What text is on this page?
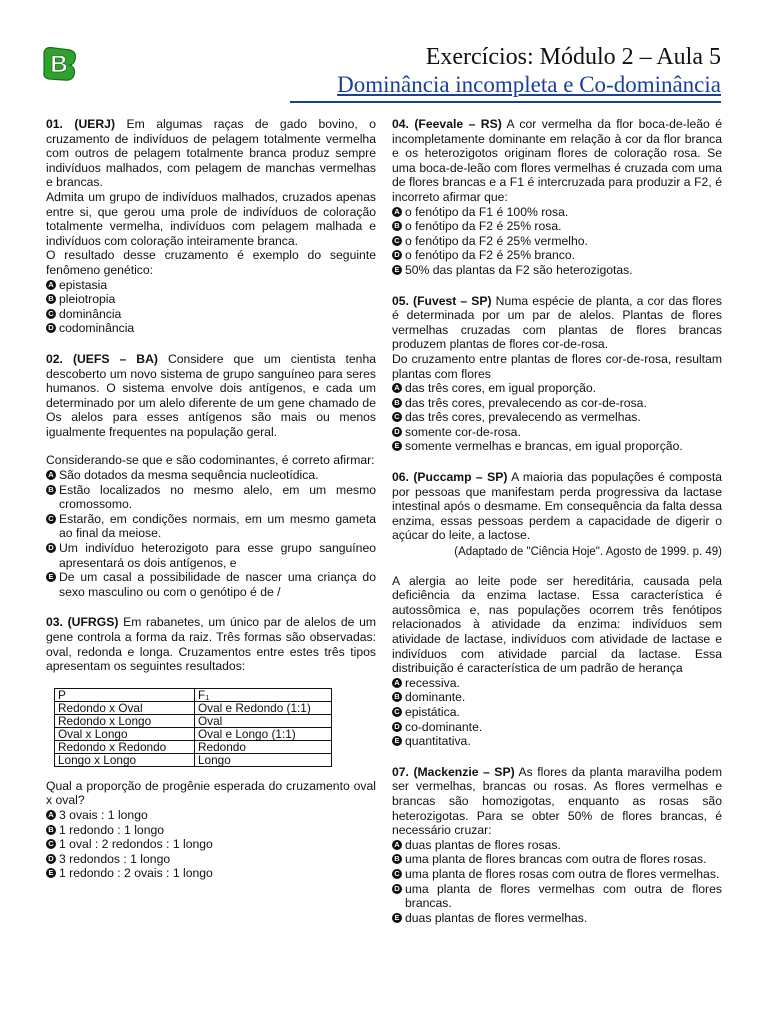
B	Exercícios: Módulo 2 – Aula 5
Dominância incompleta e Co-dominância

01. (UERJ) Em algumas raças de gado bovino, o cruzamento de indivíduos de pelagem totalmente vermelha com outros de pelagem totalmente branca produz sempre indivíduos malhados, com pelagem de manchas vermelhas e brancas.

Admita um grupo de indivíduos malhados, cruzados apenas entre si, que gerou uma prole de indivíduos de coloração totalmente vermelha, indivíduos com pelagem malhada e indivíduos com coloração inteiramente branca.

O resultado desse cruzamento é exemplo do seguinte fenômeno genético:

A epistasia
B pleiotropia
C dominância
D codominância

02. (UEFS – BA) Considere que um cientista tenha descoberto um novo sistema de grupo sanguíneo para seres humanos. O sistema envolve dois antígenos, e cada um determinado por um alelo diferente de um gene chamado de Os alelos para esses antígenos são mais ou menos igualmente frequentes na população geral.

Considerando-se que e são codominantes, é correto afirmar:

A São dotados da mesma sequência nucleotídica.
B Estão localizados no mesmo alelo, em um mesmo cromossomo.
C Estarão, em condições normais, em um mesmo gameta ao final da meiose.
D Um indivíduo heterozigoto para esse grupo sanguíneo apresentará os dois antígenos, e
E De um casal a possibilidade de nascer uma criança do sexo masculino ou com o genótipo é de /

03. (UFRGS) Em rabanetes, um único par de alelos de um gene controla a forma da raiz. Três formas são observadas: oval, redonda e longa. Cruzamentos entre estes três tipos apresentam os seguintes resultados:

P	F₁
Redondo x Oval	Oval e Redondo (1:1)
Redondo x Longo	Oval
Oval x Longo	Oval e Longo (1:1)
Redondo x Redondo	Redondo
Longo x Longo	Longo

Qual a proporção de progênie esperada do cruzamento oval x oval?

A 3 ovais : 1 longo
B 1 redondo : 1 longo
C 1 oval : 2 redondos : 1 longo
D 3 redondos : 1 longo
E 1 redondo : 2 ovais : 1 longo

04. (Feevale – RS) A cor vermelha da flor boca-de-leão é incompletamente dominante em relação à cor da flor branca e os heterozigotos originam flores de coloração rosa. Se uma boca-de-leão com flores vermelhas é cruzada com uma de flores brancas e a F1 é intercruzada para produzir a F2, é incorreto afirmar que:

A o fenótipo da F1 é 100% rosa.
B o fenótipo da F2 é 25% rosa.
C o fenótipo da F2 é 25% vermelho.
D o fenótipo da F2 é 25% branco.
E 50% das plantas da F2 são heterozigotas.

05. (Fuvest – SP) Numa espécie de planta, a cor das flores é determinada por um par de alelos. Plantas de flores vermelhas cruzadas com plantas de flores brancas produzem plantas de flores cor-de-rosa.

Do cruzamento entre plantas de flores cor-de-rosa, resultam plantas com flores

A das três cores, em igual proporção.
B das três cores, prevalecendo as cor-de-rosa.
C das três cores, prevalecendo as vermelhas.
D somente cor-de-rosa.
E somente vermelhas e brancas, em igual proporção.

06. (Puccamp – SP) A maioria das populações é composta por pessoas que manifestam perda progressiva da lactase intestinal após o desmame. Em consequência da falta dessa enzima, essas pessoas perdem a capacidade de digerir o açúcar do leite, a lactose.

(Adaptado de "Ciência Hoje". Agosto de 1999. p. 49)

A alergia ao leite pode ser hereditária, causada pela deficiência da enzima lactase. Essa característica é autossômica e, nas populações ocorrem três fenótipos relacionados à atividade da enzima: indivíduos sem atividade de lactase, indivíduos com atividade de lactase e indivíduos com atividade parcial da lactase. Essa distribuição é característica de um padrão de herança

A recessiva.
B dominante.
C epistática.
D co-dominante.
E quantitativa.

07. (Mackenzie – SP) As flores da planta maravilha podem ser vermelhas, brancas ou rosas. As flores vermelhas e brancas são homozigotas, enquanto as rosas são heterozigotas. Para se obter 50% de flores brancas, é necessário cruzar:

A duas plantas de flores rosas.
B uma planta de flores brancas com outra de flores rosas.
C uma planta de flores rosas com outra de flores vermelhas.
D uma planta de flores vermelhas com outra de flores brancas.
E duas plantas de flores vermelhas.
